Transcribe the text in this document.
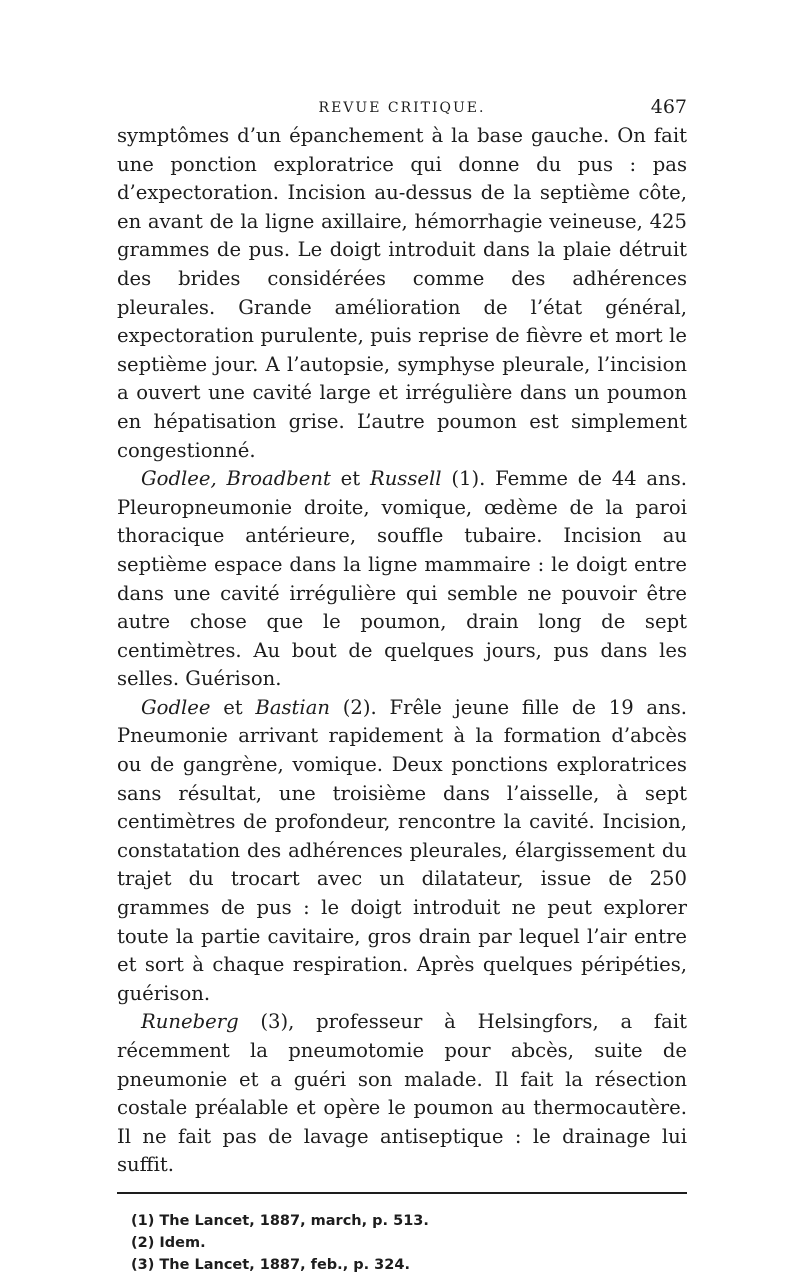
REVUE CRITIQUE.	467

symptômes d’un épanchement à la base gauche. On fait une ponction exploratrice qui donne du pus : pas d’expectoration. Incision au-dessus de la septième côte, en avant de la ligne axillaire, hémorrhagie veineuse, 425 grammes de pus. Le doigt introduit dans la plaie détruit des brides considérées comme des adhérences pleurales. Grande amélioration de l’état général, expectoration purulente, puis reprise de fièvre et mort le septième jour. A l’autopsie, symphyse pleurale, l’incision a ouvert une cavité large et irrégulière dans un poumon en hépatisation grise. L’autre poumon est simplement congestionné.

Godlee, Broadbent et Russell (1). Femme de 44 ans. Pleuropneumonie droite, vomique, œdème de la paroi thoracique antérieure, souffle tubaire. Incision au septième espace dans la ligne mammaire : le doigt entre dans une cavité irrégulière qui semble ne pouvoir être autre chose que le poumon, drain long de sept centimètres. Au bout de quelques jours, pus dans les selles. Guérison.

Godlee et Bastian (2). Frêle jeune fille de 19 ans. Pneumonie arrivant rapidement à la formation d’abcès ou de gangrène, vomique. Deux ponctions exploratrices sans résultat, une troisième dans l’aisselle, à sept centimètres de profondeur, rencontre la cavité. Incision, constatation des adhérences pleurales, élargissement du trajet du trocart avec un dilatateur, issue de 250 grammes de pus : le doigt introduit ne peut explorer toute la partie cavitaire, gros drain par lequel l’air entre et sort à chaque respiration. Après quelques péripéties, guérison.

Runeberg (3), professeur à Helsingfors, a fait récemment la pneumotomie pour abcès, suite de pneumonie et a guéri son malade. Il fait la résection costale préalable et opère le poumon au thermocautère. Il ne fait pas de lavage antiseptique : le drainage lui suffit.

(1) The Lancet, 1887, march, p. 513.
(2) Idem.
(3) The Lancet, 1887, feb., p. 324.
